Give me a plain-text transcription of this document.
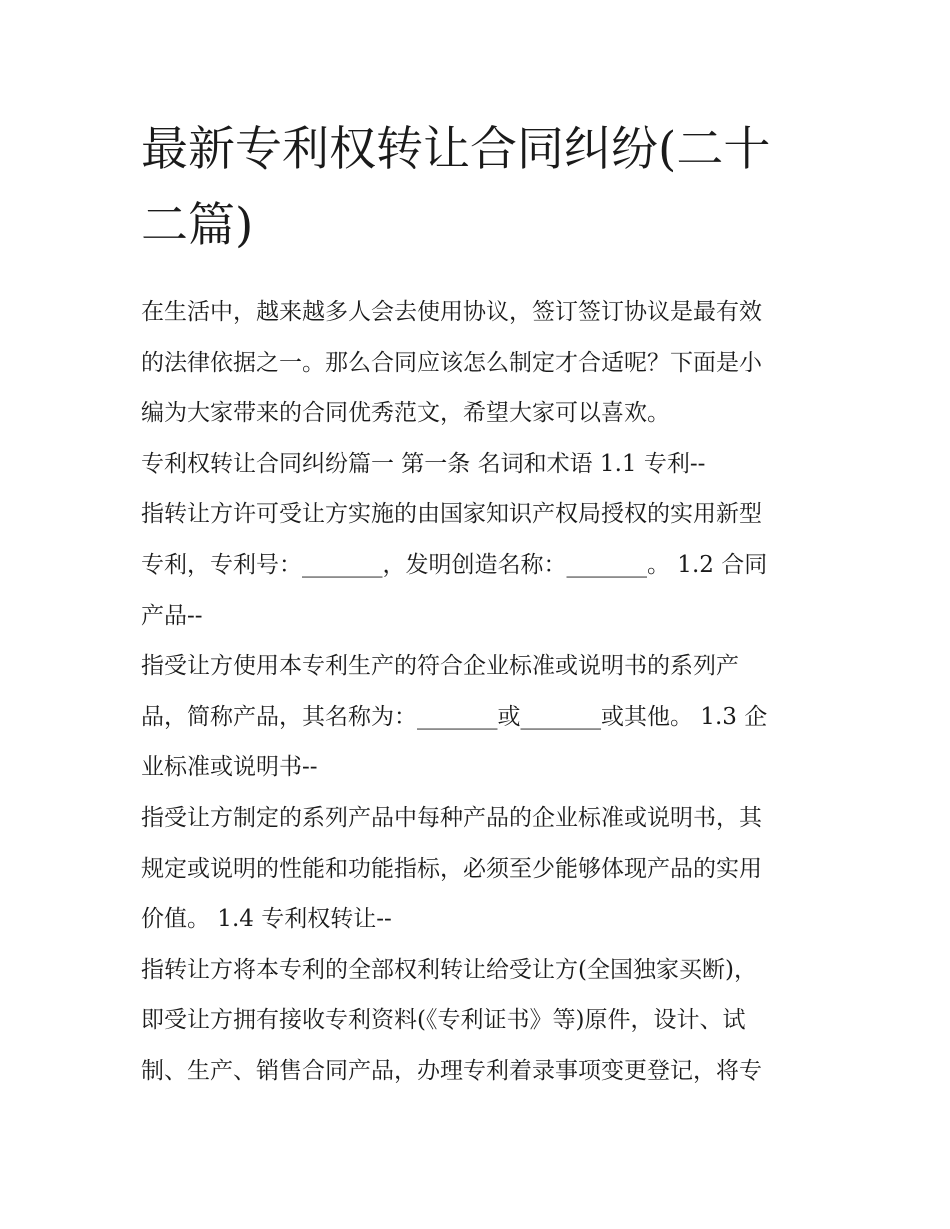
最新专利权转让合同纠纷(二十
二篇)
在生活中，越来越多人会去使用协议，签订签订协议是最有效
的法律依据之一。那么合同应该怎么制定才合适呢？下面是小
编为大家带来的合同优秀范文，希望大家可以喜欢。
专利权转让合同纠纷篇一 第一条 名词和术语 1.1 专利--
指转让方许可受让方实施的由国家知识产权局授权的实用新型
专利，专利号：_______，发明创造名称：_______。 1.2 合同
产品--
指受让方使用本专利生产的符合企业标准或说明书的系列产
品，简称产品，其名称为：_______或_______或其他。 1.3 企
业标准或说明书--
指受让方制定的系列产品中每种产品的企业标准或说明书，其
规定或说明的性能和功能指标，必须至少能够体现产品的实用
价值。 1.4 专利权转让--
指转让方将本专利的全部权利转让给受让方(全国独家买断)，
即受让方拥有接收专利资料(《专利证书》等)原件，设计、试
制、生产、销售合同产品，办理专利着录事项变更登记，将专
